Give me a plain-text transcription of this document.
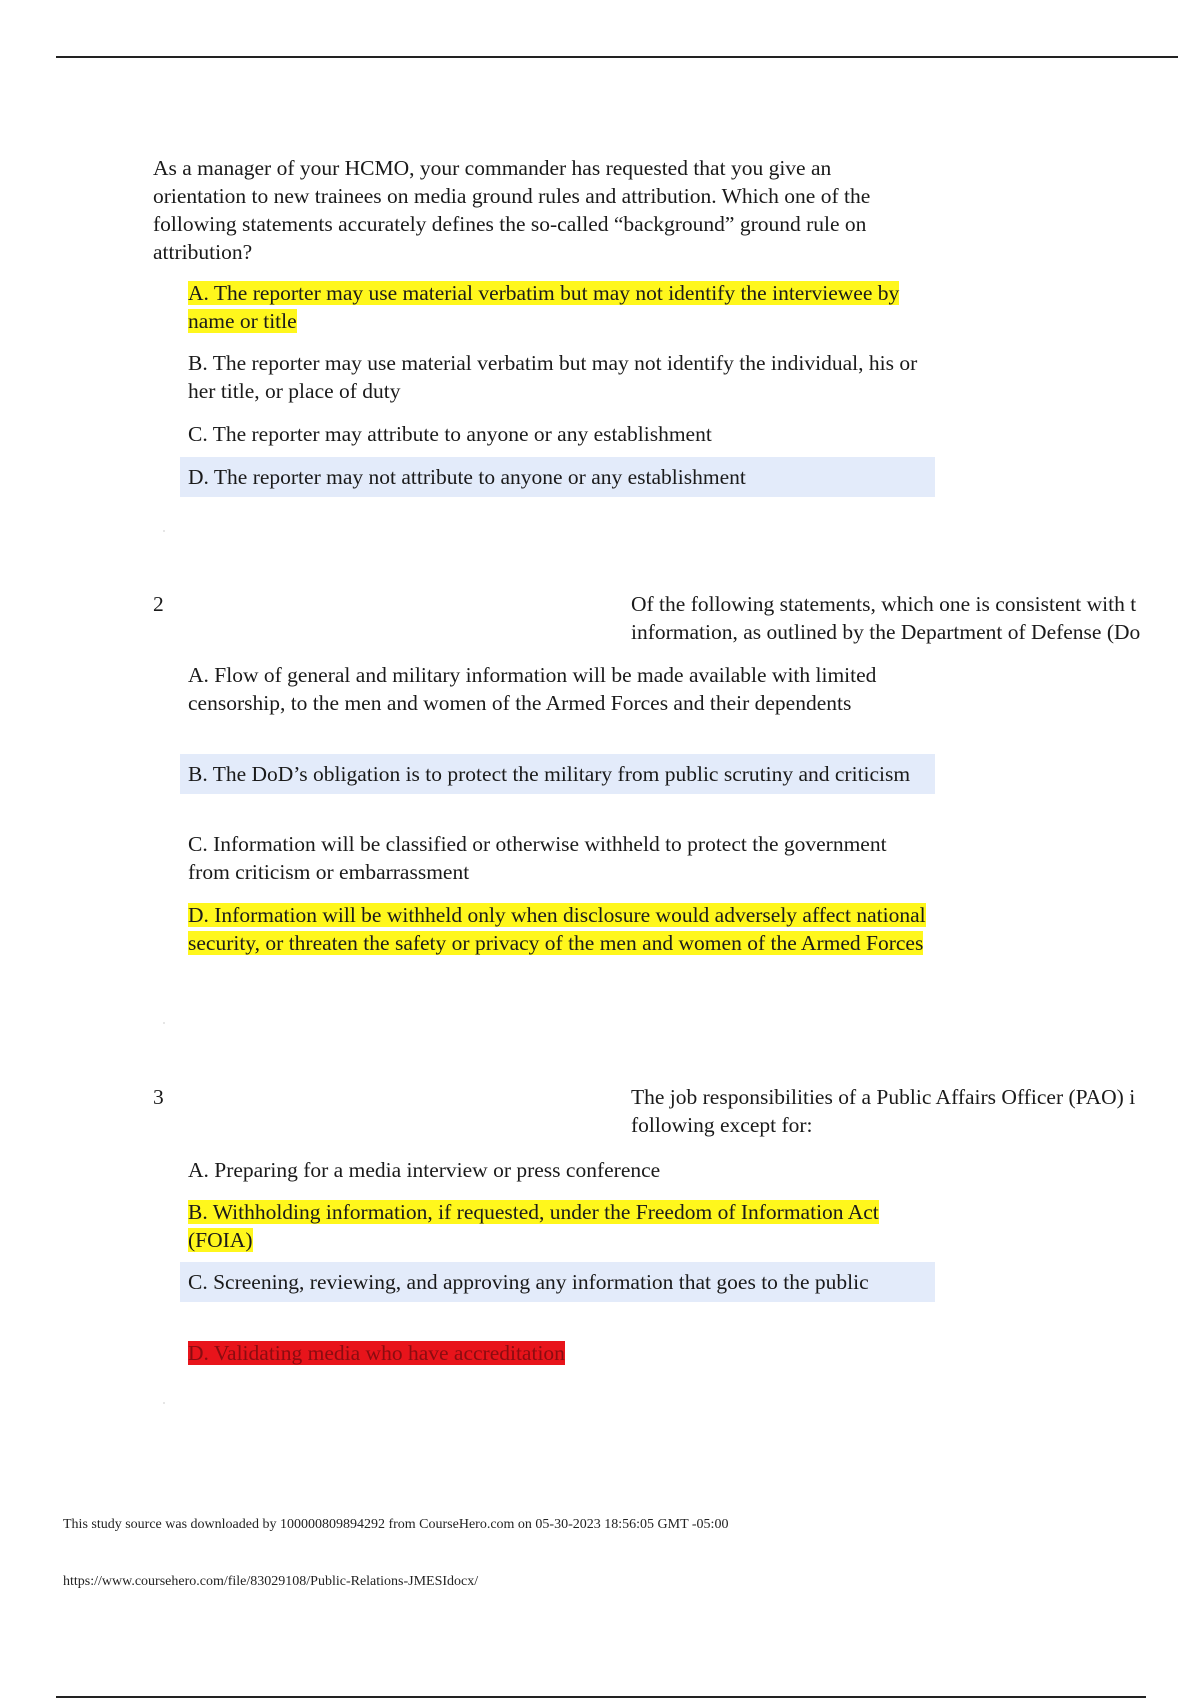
As a manager of your HCMO, your commander has requested that you give an orientation to new trainees on media ground rules and attribution. Which one of the following statements accurately defines the so-called “background” ground rule on attribution?
A. The reporter may use material verbatim but may not identify the interviewee by name or title
B. The reporter may use material verbatim but may not identify the individual, his or her title, or place of duty
C. The reporter may attribute to anyone or any establishment
D. The reporter may not attribute to anyone or any establishment
2	Of the following statements, which one is consistent with t
information, as outlined by the Department of Defense (Do
A. Flow of general and military information will be made available with limited censorship, to the men and women of the Armed Forces and their dependents
B. The DoD’s obligation is to protect the military from public scrutiny and criticism
C. Information will be classified or otherwise withheld to protect the government from criticism or embarrassment
D. Information will be withheld only when disclosure would adversely affect national security, or threaten the safety or privacy of the men and women of the Armed Forces
3	The job responsibilities of a Public Affairs Officer (PAO) i
following except for:
A. Preparing for a media interview or press conference
B. Withholding information, if requested, under the Freedom of Information Act (FOIA)
C. Screening, reviewing, and approving any information that goes to the public
D. Validating media who have accreditation
This study source was downloaded by 100000809894292 from CourseHero.com on 05-30-2023 18:56:05 GMT -05:00
https://www.coursehero.com/file/83029108/Public-Relations-JMESIdocx/
